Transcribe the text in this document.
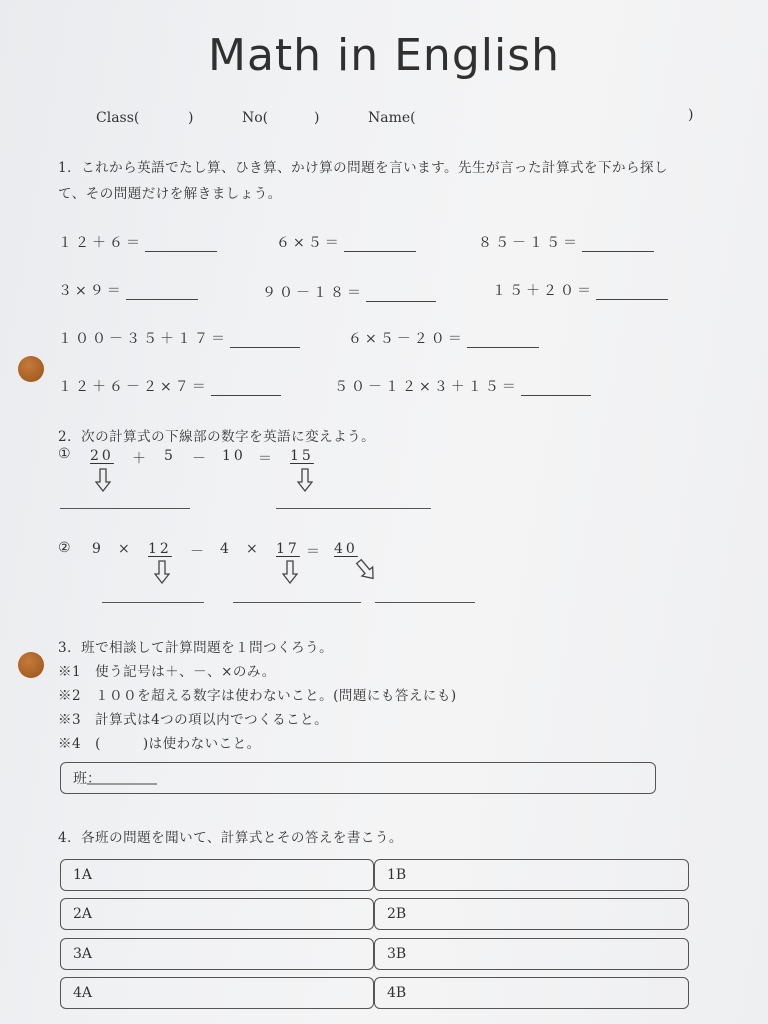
Math in English
Class(	)	No(	)	Name(	)
1．これから英語でたし算、ひき算、かけ算の問題を言います。先生が言った計算式を下から探し
て、その問題だけを解きましょう。
１２＋６＝	６×５＝	８５－１５＝
３×９＝	９０－１８＝	１５＋２０＝
１００－３５＋１７＝	６×５－２０＝
１２＋６－２×７＝	５０－１２×３＋１５＝
2．次の計算式の下線部の数字を英語に変えよう。
① 20 ＋ 5 － 10 ＝ 15
② 9 × 12 － 4 × 17 ＝ 40
3．班で相談して計算問題を１問つくろう。
※1　使う記号は＋、－、×のみ。
※2　１００を超える数字は使わないこと。(問題にも答えにも)
※3　計算式は4つの項以内でつくること。
※4　(　　　)は使わないこと。
班：
4．各班の問題を聞いて、計算式とその答えを書こう。
1A	1B
2A	2B
3A	3B
4A	4B
